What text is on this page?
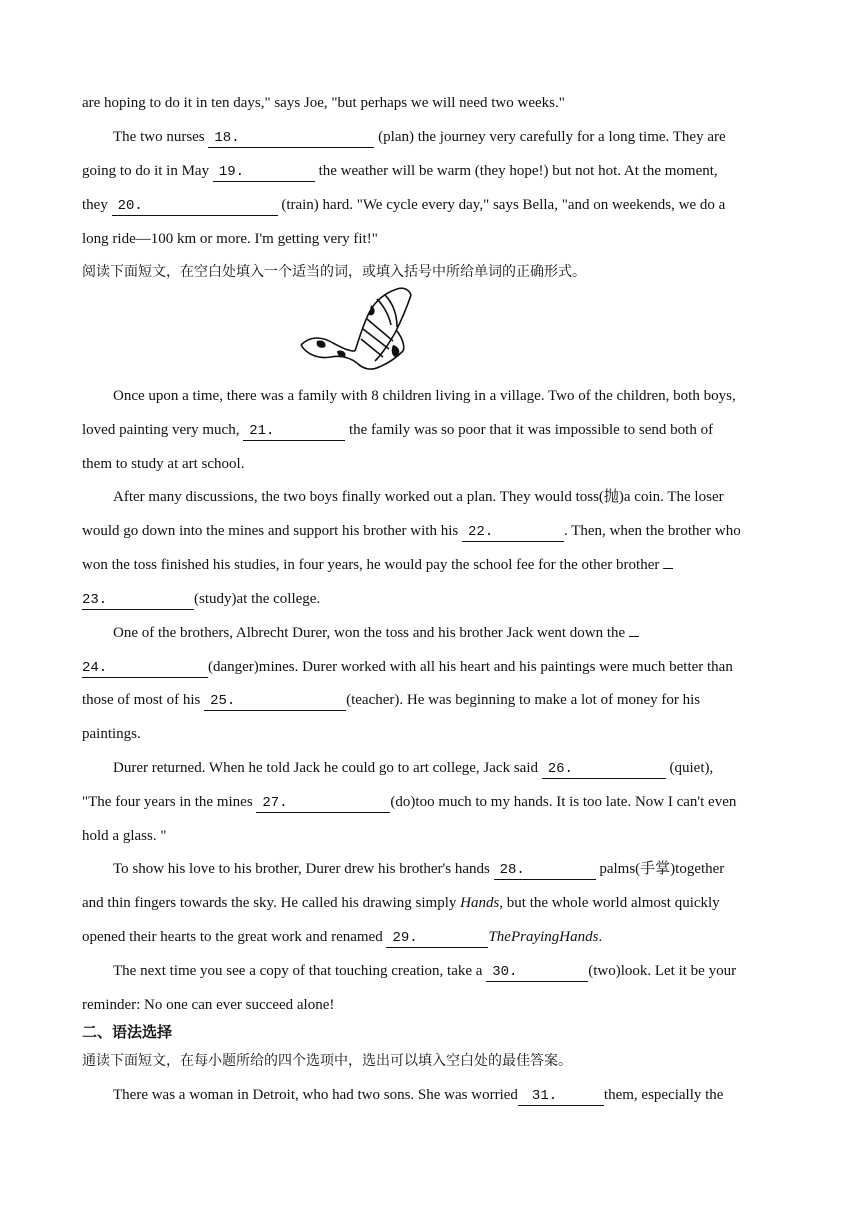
are hoping to do it in ten days," says Joe, "but perhaps we will need two weeks."
The two nurses 18.	(plan) the journey very carefully for a long time. They are
going to do it in May 19.	the weather will be warm (they hope!) but not hot. At the moment,
they 20.	(train) hard. "We cycle every day," says Bella, "and on weekends, we do a
long ride—100 km or more. I'm getting very fit!"
阅读下面短文，在空白处填入一个适当的词，或填入括号中所给单词的正确形式。
Once upon a time, there was a family with 8 children living in a village. Two of the children, both boys,
loved painting very much, 21.	the family was so poor that it was impossible to send both of
them to study at art school.
After many discussions, the two boys finally worked out a plan. They would toss(抛)a coin. The loser
would go down into the mines and support his brother with his 22.	. Then, when the brother who
won the toss finished his studies, in four years, he would pay the school fee for the other brother
23.	(study)at the college.
One of the brothers, Albrecht Durer, won the toss and his brother Jack went down the
24.	(danger)mines. Durer worked with all his heart and his paintings were much better than
those of most of his 25.	(teacher). He was beginning to make a lot of money for his
paintings.
Durer returned. When he told Jack he could go to art college, Jack said 26.	(quiet),
"The four years in the mines 27.	(do)too much to my hands. It is too late. Now I can't even
hold a glass. "
To show his love to his brother, Durer drew his brother's hands 28.	palms(手掌)together
and thin fingers towards the sky. He called his drawing simply Hands, but the whole world almost quickly
opened their hearts to the great work and renamed 29.	ThePrayingHands.
The next time you see a copy of that touching creation, take a 30.	(two)look. Let it be your
reminder: No one can ever succeed alone!
二、语法选择
通读下面短文，在每小题所给的四个选项中，选出可以填入空白处的最佳答案。
There was a woman in Detroit, who had two sons. She was worried 31.	them, especially the
